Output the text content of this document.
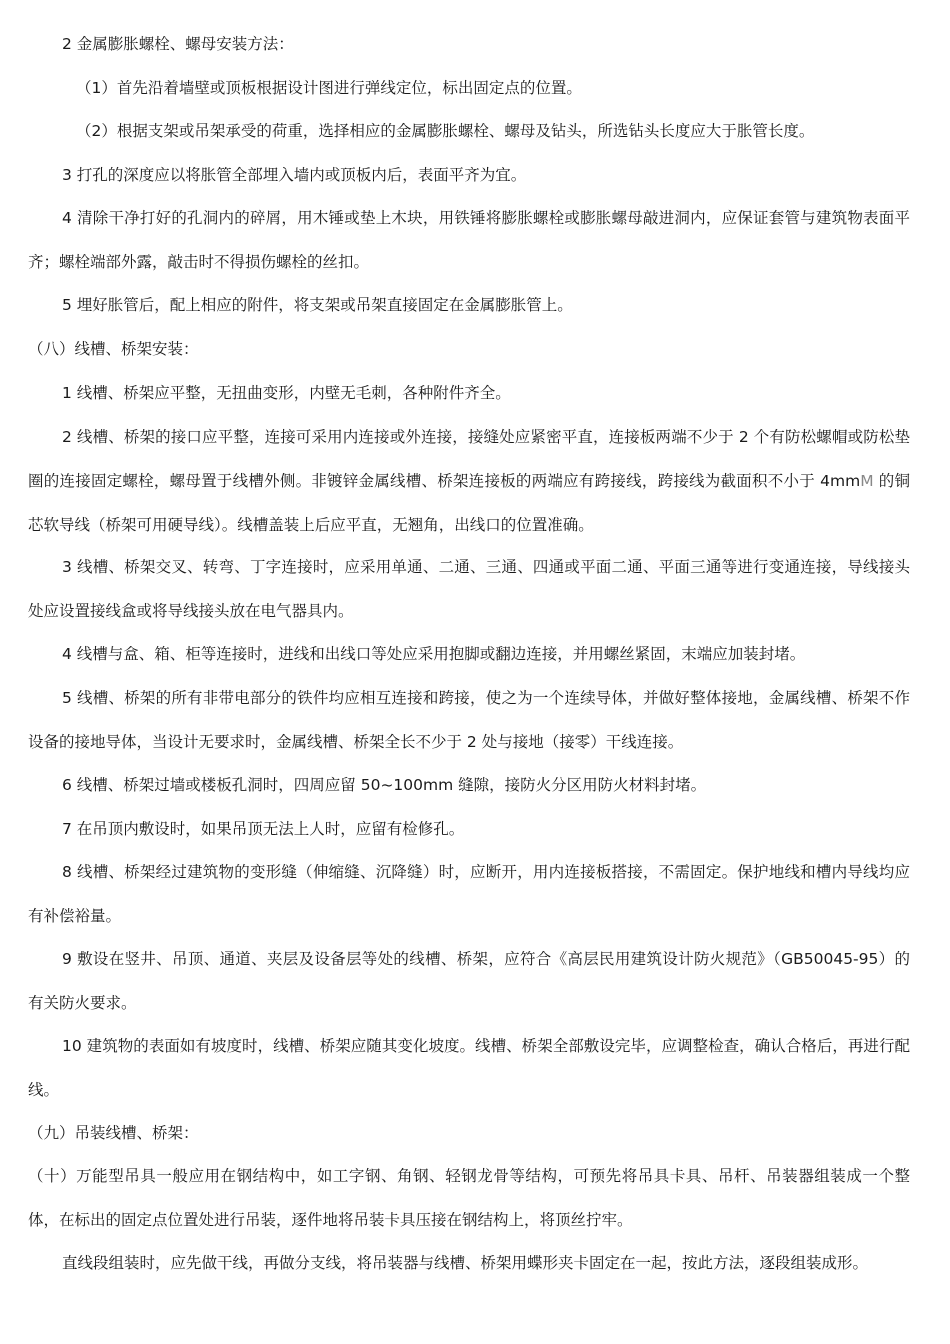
2 金属膨胀螺栓、螺母安装方法：

（1）首先沿着墙壁或顶板根据设计图进行弹线定位，标出固定点的位置。

（2）根据支架或吊架承受的荷重，选择相应的金属膨胀螺栓、螺母及钻头，所选钻头长度应大于胀管长度。

3 打孔的深度应以将胀管全部埋入墙内或顶板内后，表面平齐为宜。

4 清除干净打好的孔洞内的碎屑，用木锤或垫上木块，用铁锤将膨胀螺栓或膨胀螺母敲进洞内，应保证套管与建筑物表面平齐；螺栓端部外露，敲击时不得损伤螺栓的丝扣。

5 埋好胀管后，配上相应的附件，将支架或吊架直接固定在金属膨胀管上。

（八）线槽、桥架安装：

1 线槽、桥架应平整，无扭曲变形，内壁无毛刺，各种附件齐全。

2 线槽、桥架的接口应平整，连接可采用内连接或外连接，接缝处应紧密平直，连接板两端不少于 2 个有防松螺帽或防松垫圈的连接固定螺栓，螺母置于线槽外侧。非镀锌金属线槽、桥架连接板的两端应有跨接线，跨接线为截面积不小于 4mmM 的铜芯软导线（桥架可用硬导线）。线槽盖装上后应平直，无翘角，出线口的位置准确。

3 线槽、桥架交叉、转弯、丁字连接时，应采用单通、二通、三通、四通或平面二通、平面三通等进行变通连接，导线接头处应设置接线盒或将导线接头放在电气器具内。

4 线槽与盒、箱、柜等连接时，进线和出线口等处应采用抱脚或翻边连接，并用螺丝紧固，末端应加装封堵。

5 线槽、桥架的所有非带电部分的铁件均应相互连接和跨接，使之为一个连续导体，并做好整体接地，金属线槽、桥架不作设备的接地导体，当设计无要求时，金属线槽、桥架全长不少于 2 处与接地（接零）干线连接。

6 线槽、桥架过墙或楼板孔洞时，四周应留 50~100mm 缝隙，接防火分区用防火材料封堵。

7 在吊顶内敷设时，如果吊顶无法上人时，应留有检修孔。

8 线槽、桥架经过建筑物的变形缝（伸缩缝、沉降缝）时，应断开，用内连接板搭接，不需固定。保护地线和槽内导线均应有补偿裕量。

9 敷设在竖井、吊顶、通道、夹层及设备层等处的线槽、桥架，应符合《高层民用建筑设计防火规范》（GB50045-95）的有关防火要求。

10 建筑物的表面如有坡度时，线槽、桥架应随其变化坡度。线槽、桥架全部敷设完毕，应调整检查，确认合格后，再进行配线。

（九）吊装线槽、桥架：

（十）万能型吊具一般应用在钢结构中，如工字钢、角钢、轻钢龙骨等结构，可预先将吊具卡具、吊杆、吊装器组装成一个整体，在标出的固定点位置处进行吊装，逐件地将吊装卡具压接在钢结构上，将顶丝拧牢。

直线段组装时，应先做干线，再做分支线，将吊装器与线槽、桥架用蝶形夹卡固定在一起，按此方法，逐段组装成形。
